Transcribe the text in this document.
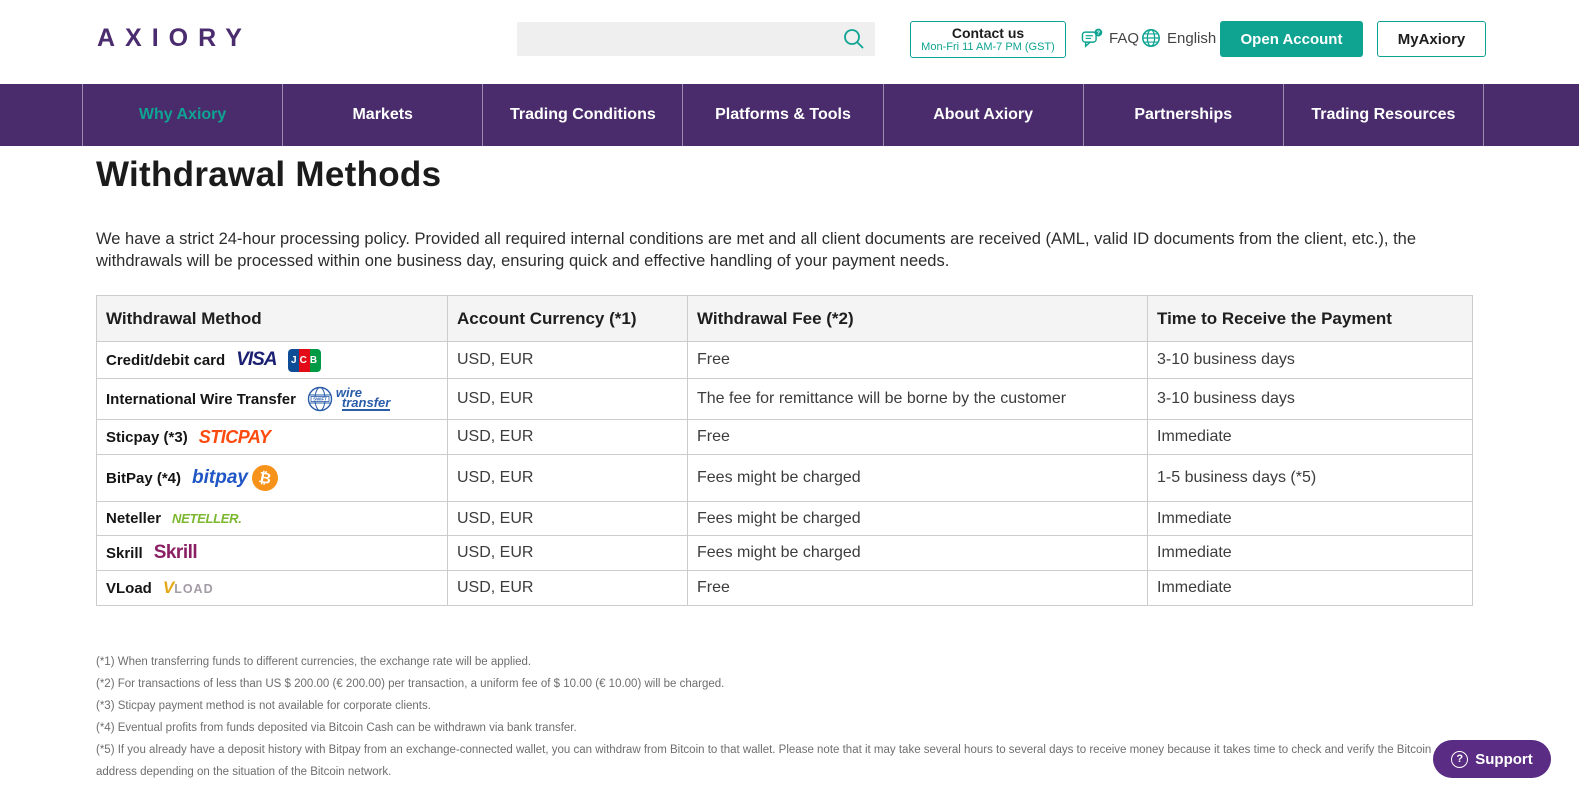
AXIORY	Contact us
Mon-Fri 11 AM-7 PM (GST)
? FAQ English	Open Account	MyAxiory
Why Axiory	Markets	Trading Conditions	Platforms & Tools	About Axiory	Partnerships	Trading Resources
Withdrawal Methods

We have a strict 24-hour processing policy. Provided all required internal conditions are met and all client documents are received (AML, valid ID documents from the client, etc.), the withdrawals will be processed within one business day, ensuring quick and effective handling of your payment needs.

Withdrawal Method	Account Currency (*1)	Withdrawal Fee (*2)	Time to Receive the Payment

Credit/debit card VISA JCB	USD, EUR	Free	3-10 business days

International Wire Transfer SWIFT wire
transfer	USD, EUR	The fee for remittance will be borne by the customer	3-10 business days

Sticpay (*3) STICPAY	USD, EUR	Free	Immediate

BitPay (*4) bitpay ₿	USD, EUR	Fees might be charged	1-5 business days (*5)

Neteller NETELLER.	USD, EUR	Fees might be charged	Immediate

Skrill Skrill	USD, EUR	Fees might be charged	Immediate

VLoad V LOAD	USD, EUR	Free	Immediate

(*1) When transferring funds to different currencies, the exchange rate will be applied.

(*2) For transactions of less than US $ 200.00 (€ 200.00) per transaction, a uniform fee of $ 10.00 (€ 10.00) will be charged.

(*3) Sticpay payment method is not available for corporate clients.

(*4) Eventual profits from funds deposited via Bitcoin Cash can be withdrawn via bank transfer.

(*5) If you already have a deposit history with Bitpay from an exchange-connected wallet, you can withdraw from Bitcoin to that wallet. Please note that it may take several hours to several days to receive money because it takes time to check and verify the Bitcoin address depending on the situation of the Bitcoin network.

? Support
